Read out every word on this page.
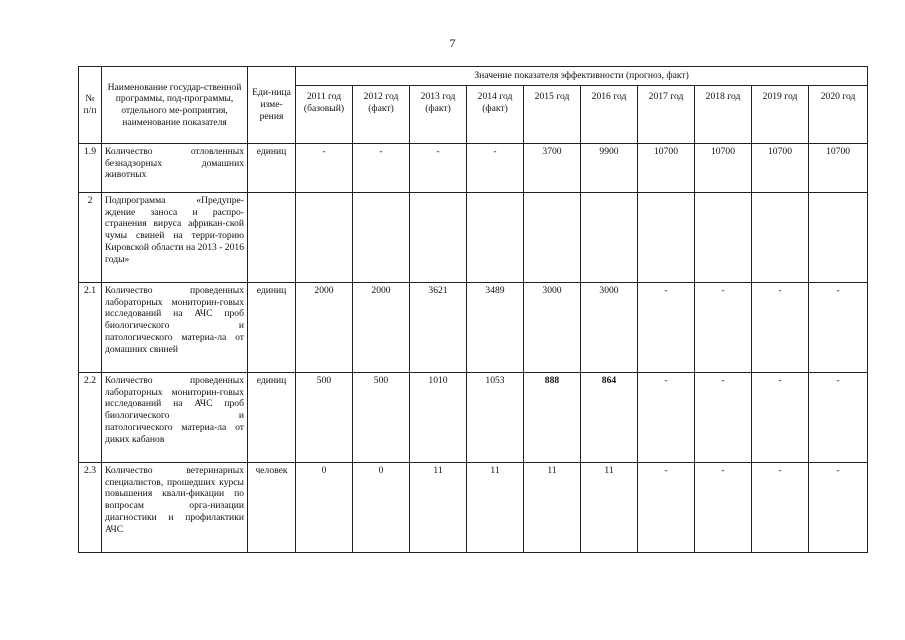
7
№ п/п	Наименование государ-ственной программы, под-программы, отдельного ме-роприятия, наименование показателя	Еди-ница изме-рения	Значение показателя эффективности (прогноз, факт)									
			2011 год (базовый)	2012 год (факт)	2013 год (факт)	2014 год (факт)	2015 год	2016 год	2017 год	2018 год	2019 год	2020 год
1.9	Количество отловленных безнадзорных домашних животных	единиц	-	-	-	-	3700	9900	10700	10700	10700	10700
2	Подпрограмма «Предупре-ждение заноса и распро-странения вируса африкан-ской чумы свиней на терри-торию Кировской области на 2013 - 2016 годы»											
2.1	Количество проведенных лабораторных мониторин-говых исследований на АЧС проб биологического и патологического материа-ла от домашних свиней	единиц	2000	2000	3621	3489	3000	3000	-	-	-	-
2.2	Количество проведенных лабораторных мониторин-говых исследований на АЧС проб биологического и патологического материа-ла от диких кабанов	единиц	500	500	1010	1053	888	864	-	-	-	-
2.3	Количество ветеринарных специалистов, прошедших курсы повышения квали-фикации по вопросам орга-низации диагностики и профилактики АЧС	человек	0	0	11	11	11	11	-	-	-	-
